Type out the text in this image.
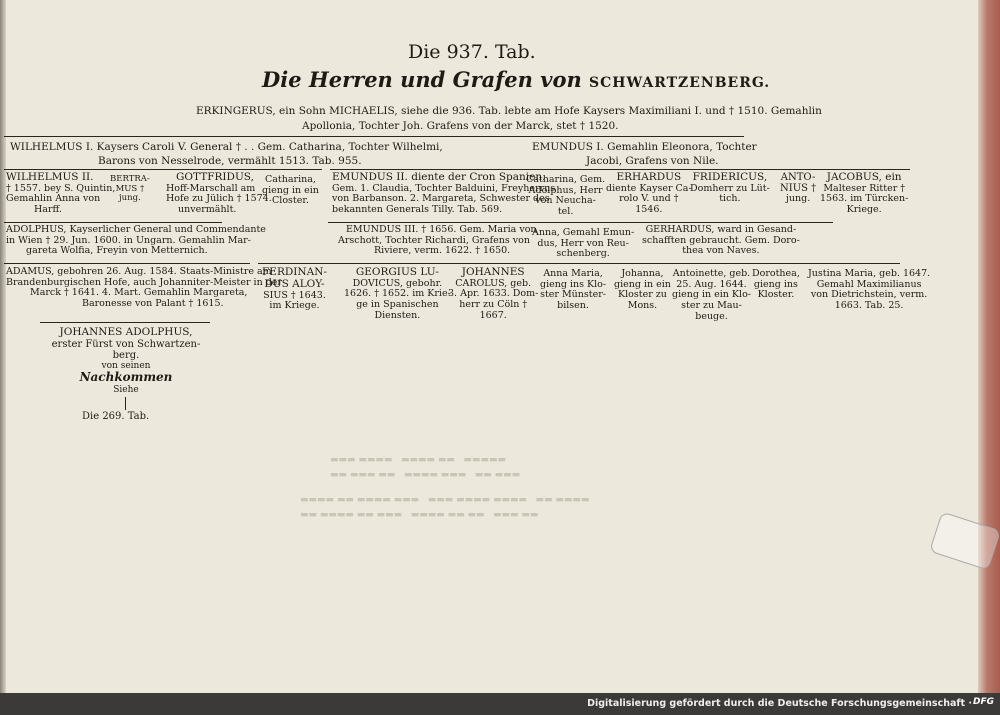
▬▬▬ ▬▬▬▬   ▬▬▬▬ ▬▬   ▬▬▬▬▬
▬▬ ▬▬▬ ▬▬   ▬▬▬▬ ▬▬▬   ▬▬ ▬▬▬
▬▬▬▬ ▬▬ ▬▬▬▬ ▬▬▬   ▬▬▬ ▬▬▬▬ ▬▬▬▬   ▬▬ ▬▬▬▬
▬▬ ▬▬▬▬ ▬▬ ▬▬▬   ▬▬▬▬ ▬▬ ▬▬   ▬▬▬ ▬▬
Die 937. Tab.
Die Herren und Grafen von SCHWARTZENBERG.
ERKINGERUS, ein Sohn MICHAELIS, siehe die 936. Tab. lebte am Hofe Kaysers Maximiliani I. und † 1510. Gemahlin
Apollonia, Tochter Joh. Grafens von der Marck, stet † 1520.
WILHELMUS I. Kaysers Caroli V. General † . . Gem. Catharina, Tochter Wilhelmi,
Barons von Nesselrode, vermählt 1513. Tab. 955.
EMUNDUS I. Gemahlin Eleonora, Tochter
Jacobi, Grafens von Nile.
WILHELMUS II.
† 1557. bey S. Quintin,
Gemahlin Anna von
Harff.
BERTRA-
MUS †
jung.
GOTTFRIDUS,
Hoff-Marschall am
Hofe zu Jülich † 1574.
unvermählt.
Catharina,
gieng in ein
Closter.
EMUNDUS II. diente der Cron Spanien.
Gem. 1. Claudia, Tochter Balduini, Freyherrns
von Barbanson. 2. Margareta, Schwester des
bekannten Generals Tilly. Tab. 569.
Catharina, Gem.
Adolphus, Herr
von Neucha-
tel.
ERHARDUS
diente Kayser Ca-
rolo V. und †
1546.
FRIDERICUS,
Domherr zu Lüt-
tich.
ANTO-
NIUS †
jung.
JACOBUS, ein
Malteser Ritter †
1563. im Türcken-
Kriege.
ADOLPHUS, Kayserlicher General und Commendante
in Wien † 29. Jun. 1600. in Ungarn. Gemahlin Mar-
gareta Wolfia, Freyin von Metternich.
EMUNDUS III. † 1656. Gem. Maria von
Arschott, Tochter Richardi, Grafens von
Riviere, verm. 1622. † 1650.
Anna, Gemahl Emun-
dus, Herr von Reu-
schenberg.
GERHARDUS, ward in Gesand-
schafften gebraucht. Gem. Doro-
thea von Naves.
ADAMUS, gebohren 26. Aug. 1584. Staats-Ministre am
Brandenburgischen Hofe, auch Johanniter-Meister in der
Marck † 1641. 4. Mart. Gemahlin Margareta,
Baronesse von Palant † 1615.
FERDINAN-
DUS ALOY-
SIUS † 1643.
im Kriege.
GEORGIUS LU-
DOVICUS, gebohr.
1626. † 1652. im Krie-
ge in Spanischen
Diensten.
JOHANNES
CAROLUS, geb.
3. Apr. 1633. Dom-
herr zu Cöln †
1667.
Anna Maria,
gieng ins Klo-
ster Münster-
bilsen.
Johanna,
gieng in ein
Kloster zu
Mons.
Antoinette, geb.
25. Aug. 1644.
gieng in ein Klo-
ster zu Mau-
beuge.
Dorothea,
gieng ins
Kloster.
Justina Maria, geb. 1647.
Gemahl Maximilianus
von Dietrichstein, verm.
1663. Tab. 25.
JOHANNES ADOLPHUS,
erster Fürst von Schwartzen-
berg.
von seinen
Nachkommen
Siehe
Die 269. Tab.
Digitalisierung gefördert durch die Deutsche Forschungsgemeinschaft · DFG
